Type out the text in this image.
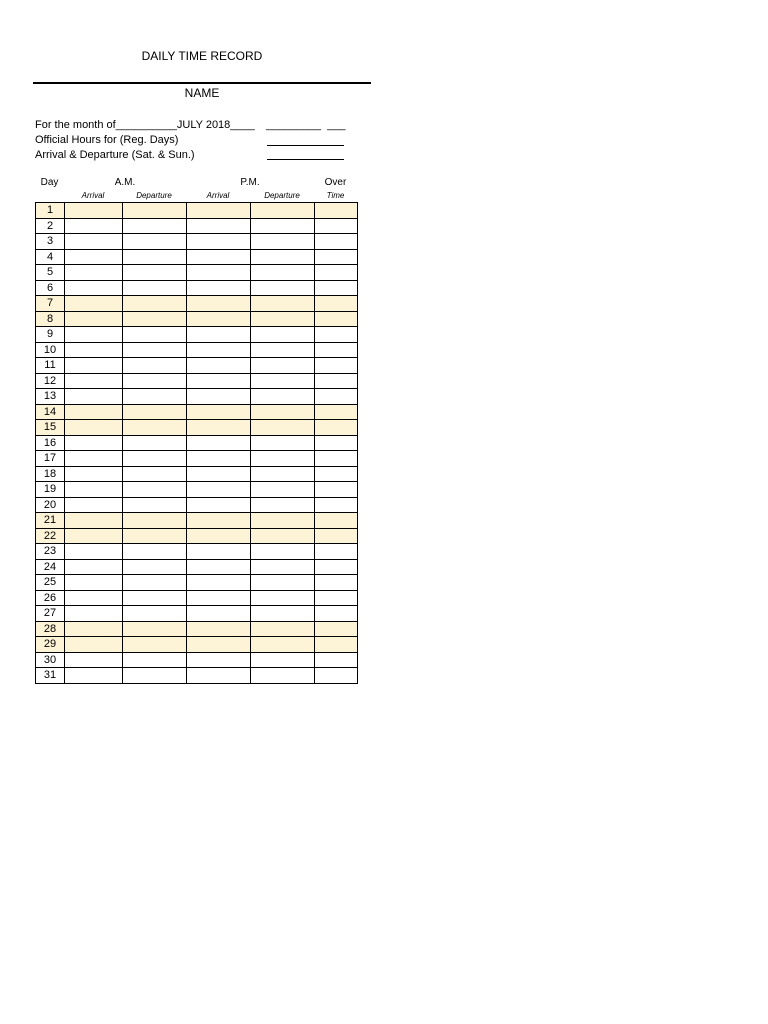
DAILY TIME RECORD
NAME
For the month of__________JULY 2018____ _________  ___
Official Hours for (Reg. Days)
Arrival & Departure (Sat. & Sun.)
Day	A.M.	P.M.	Over
Arrival	Departure	Arrival	Departure	Time
1					
2					
3					
4					
5					
6					
7					
8					
9					
10					
11					
12					
13					
14					
15					
16					
17					
18					
19					
20					
21					
22					
23					
24					
25					
26					
27					
28					
29					
30					
31					
